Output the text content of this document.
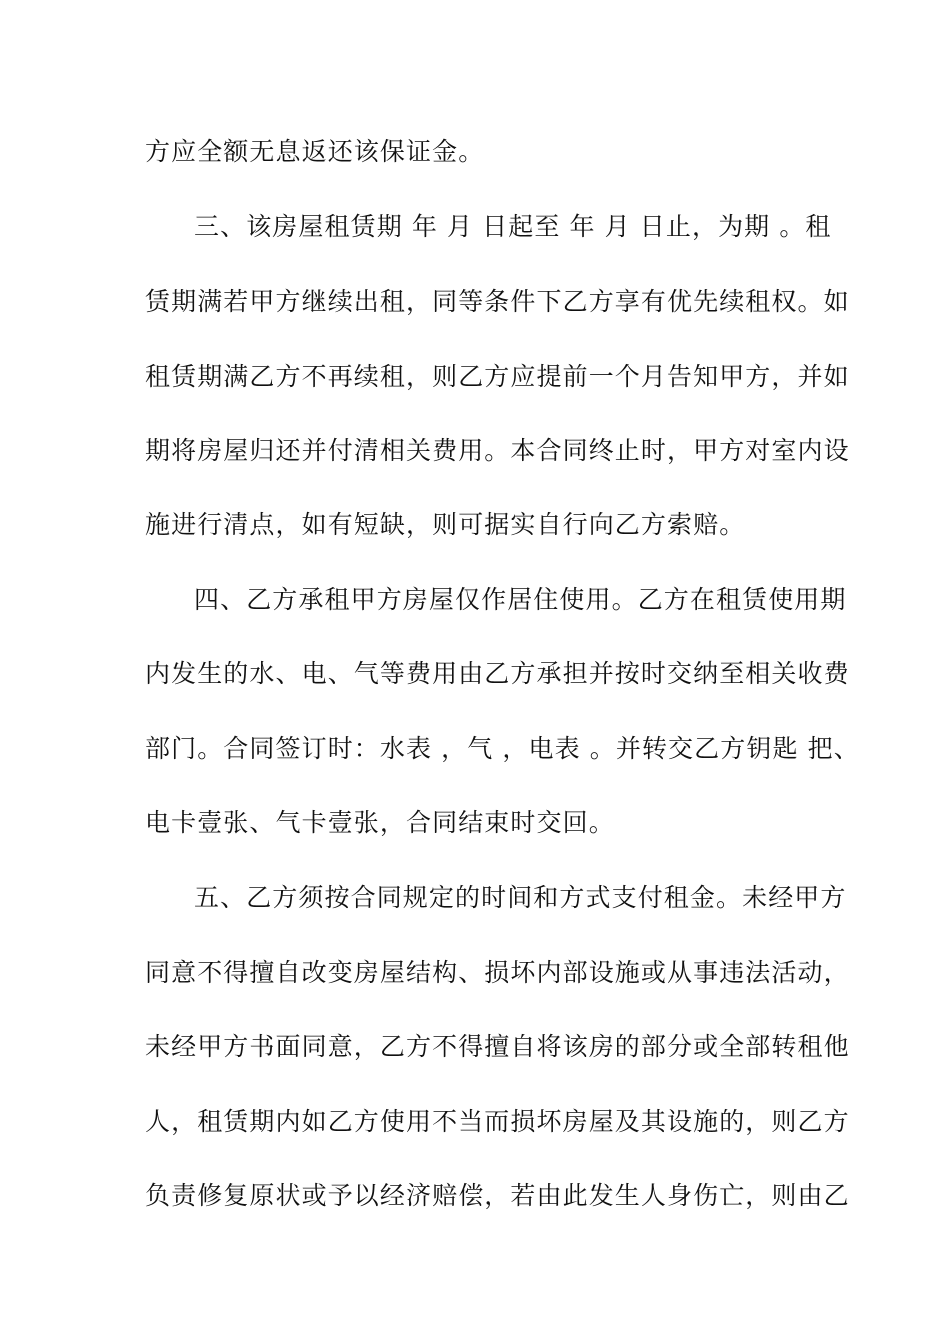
方应全额无息返还该保证金。
三、该房屋租赁期 年 月 日起至 年 月 日止，为期 。租
赁期满若甲方继续出租，同等条件下乙方享有优先续租权。如
租赁期满乙方不再续租，则乙方应提前一个月告知甲方，并如
期将房屋归还并付清相关费用。本合同终止时，甲方对室内设
施进行清点，如有短缺，则可据实自行向乙方索赔。
四、乙方承租甲方房屋仅作居住使用。乙方在租赁使用期
内发生的水、电、气等费用由乙方承担并按时交纳至相关收费
部门。合同签订时：水表 ，气 ，电表 。并转交乙方钥匙 把、
电卡壹张、气卡壹张，合同结束时交回。
五、乙方须按合同规定的时间和方式支付租金。未经甲方
同意不得擅自改变房屋结构、损坏内部设施或从事违法活动，
未经甲方书面同意，乙方不得擅自将该房的部分或全部转租他
人，租赁期内如乙方使用不当而损坏房屋及其设施的，则乙方
负责修复原状或予以经济赔偿，若由此发生人身伤亡，则由乙
